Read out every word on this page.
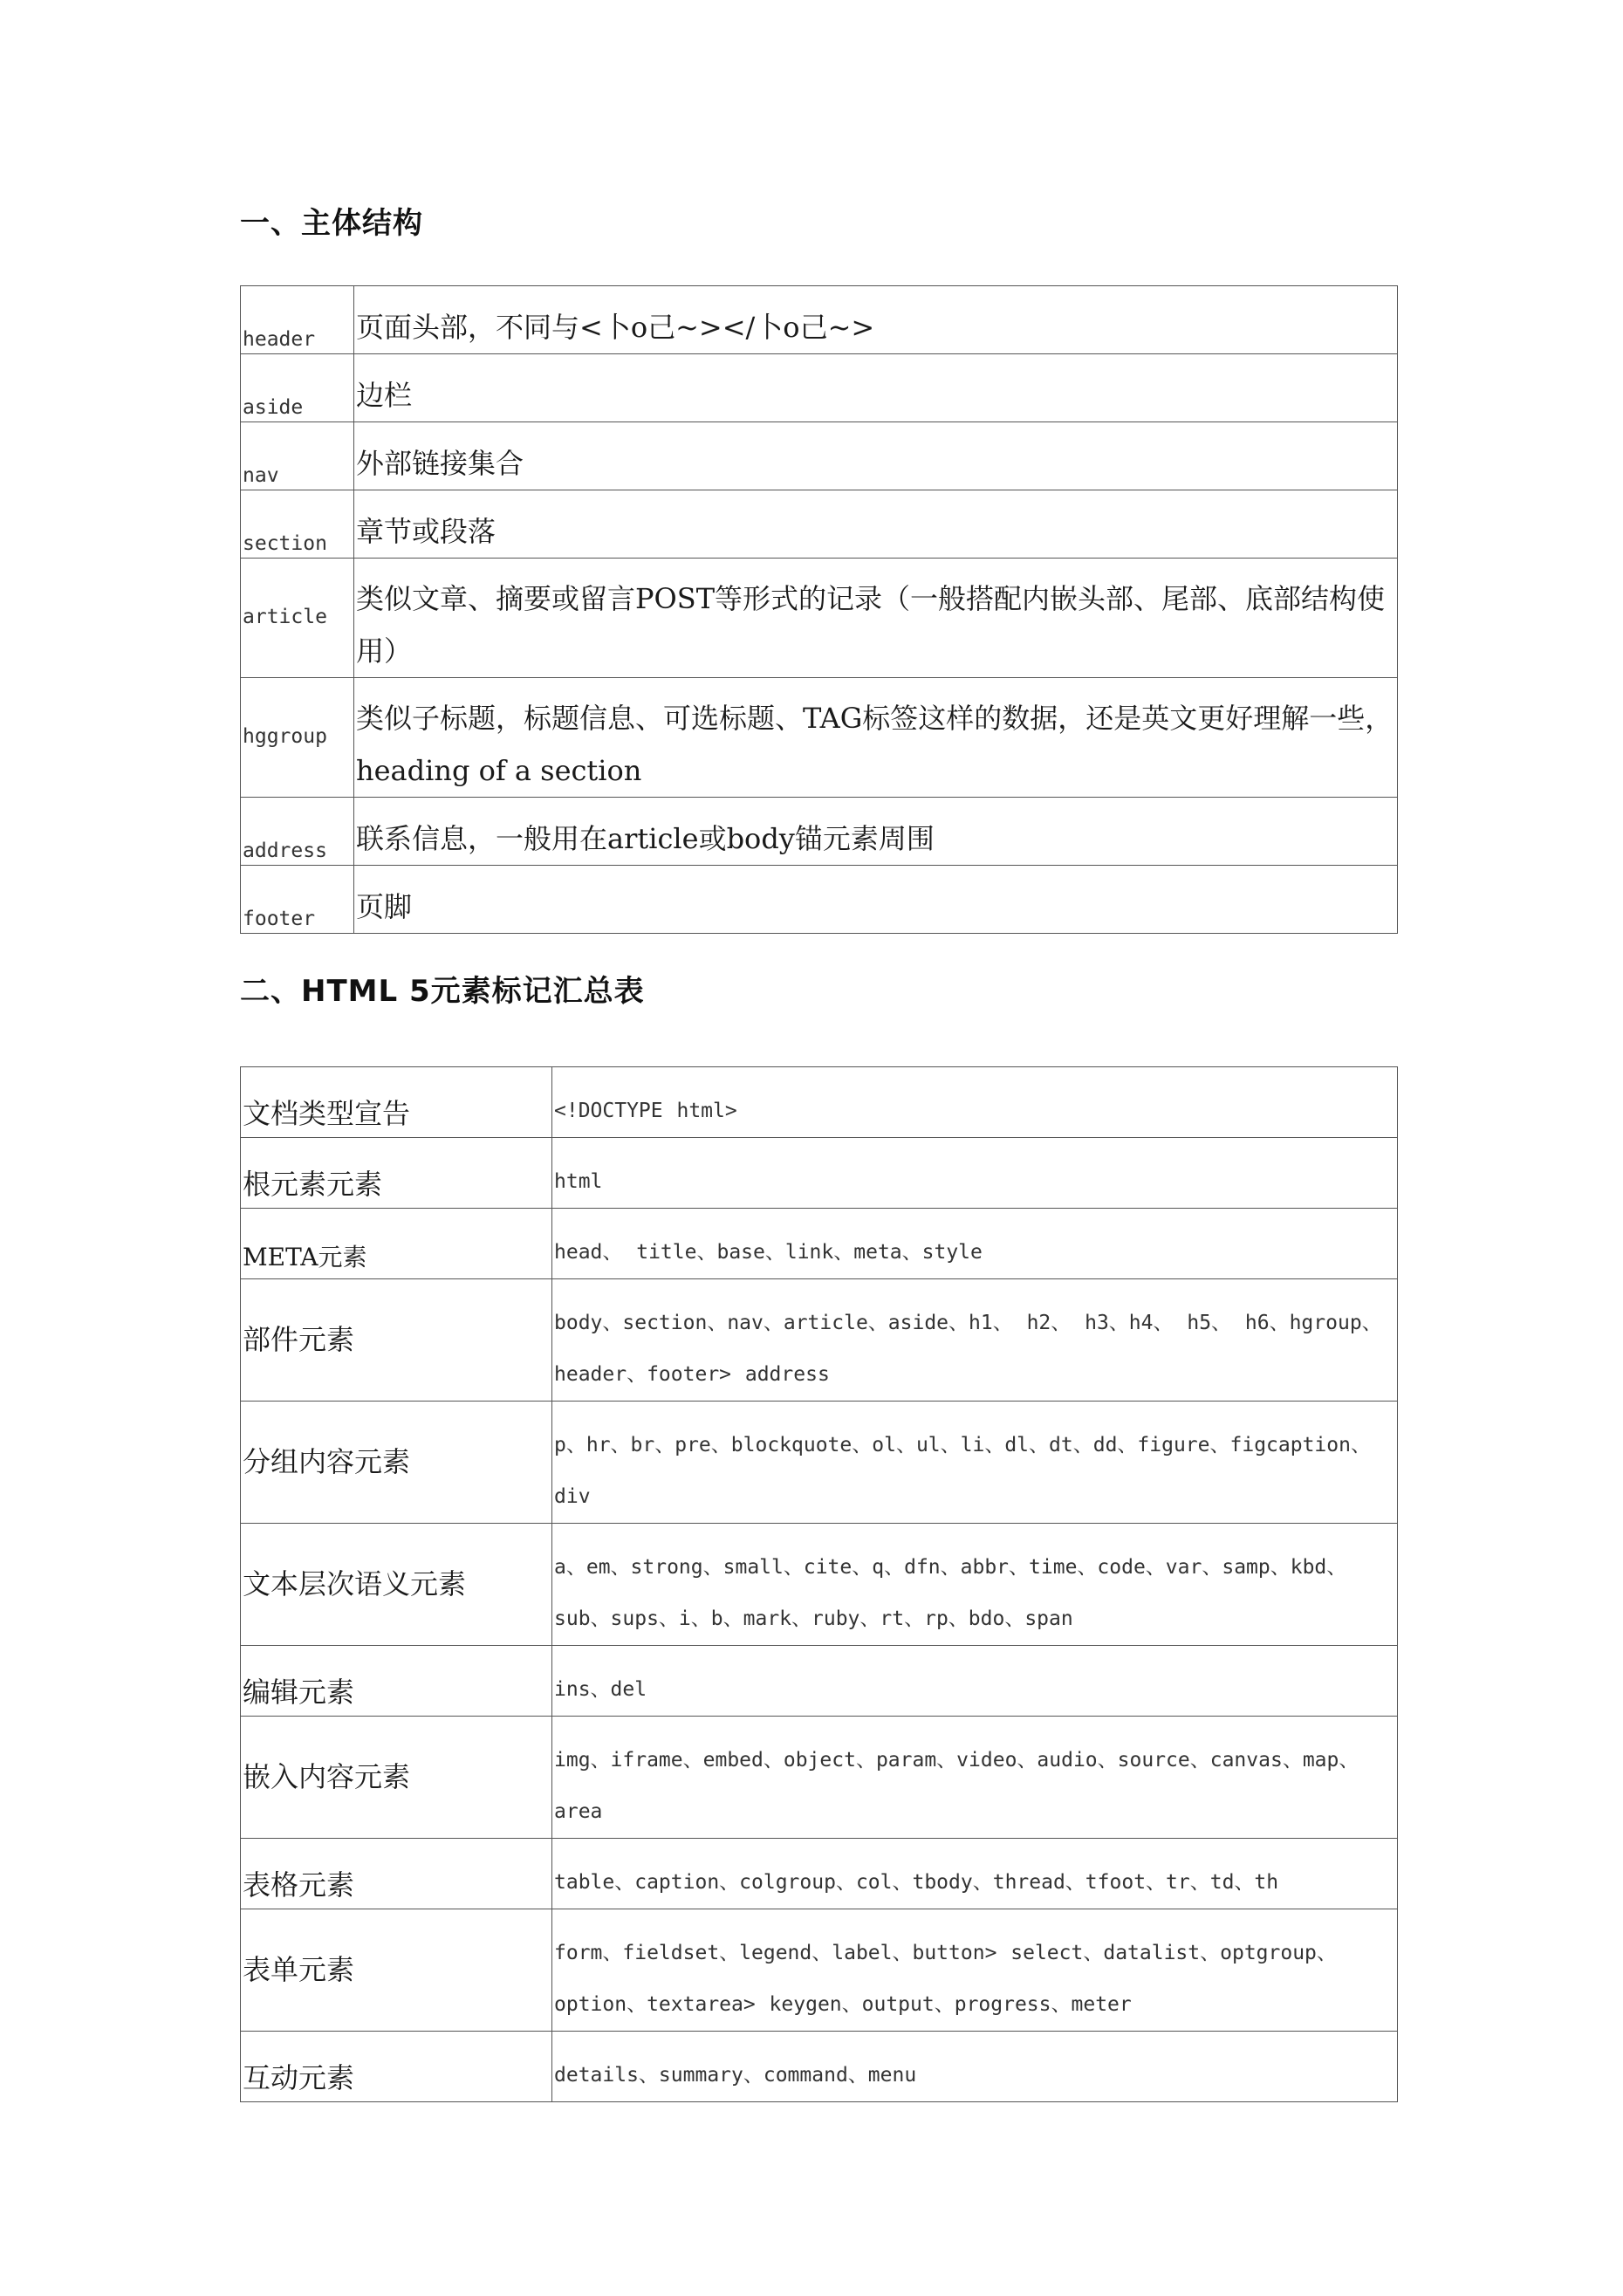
一、主体结构
header	页面头部，不同与<卜o己~></卜o己~>
aside	边栏
nav	外部链接集合
section	章节或段落
article	类似文章、摘要或留言POST等形式的记录（一般搭配内嵌头部、尾部、底部结构使用）
hggroup	类似子标题，标题信息、可选标题、TAG标签这样的数据，还是英文更好理解一些，heading of a section
address	联系信息，一般用在article或body锚元素周围
footer	页脚
二、HTML 5元素标记汇总表
文档类型宣告	<!DOCTYPE html>
根元素元素	html
META元素	head、 title、base、link、meta、style
部件元素	body、section、nav、article、aside、h1、 h2、 h3、h4、 h5、 h6、hgroup、header、footer> address
分组内容元素	p、hr、br、pre、blockquote、ol、ul、li、dl、dt、dd、figure、figcaption、 div
文本层次语义元素	a、em、strong、small、cite、q、dfn、abbr、time、code、var、samp、kbd、sub、sups、i、b、mark、ruby、rt、rp、bdo、span
编辑元素	ins、del
嵌入内容元素	img、iframe、embed、object、param、video、audio、source、canvas、map、area
表格元素	table、caption、colgroup、col、tbody、thread、tfoot、tr、td、th
表单元素	form、fieldset、legend、label、button> select、datalist、optgroup、option、textarea> keygen、output、progress、meter
互动元素	details、summary、command、menu
